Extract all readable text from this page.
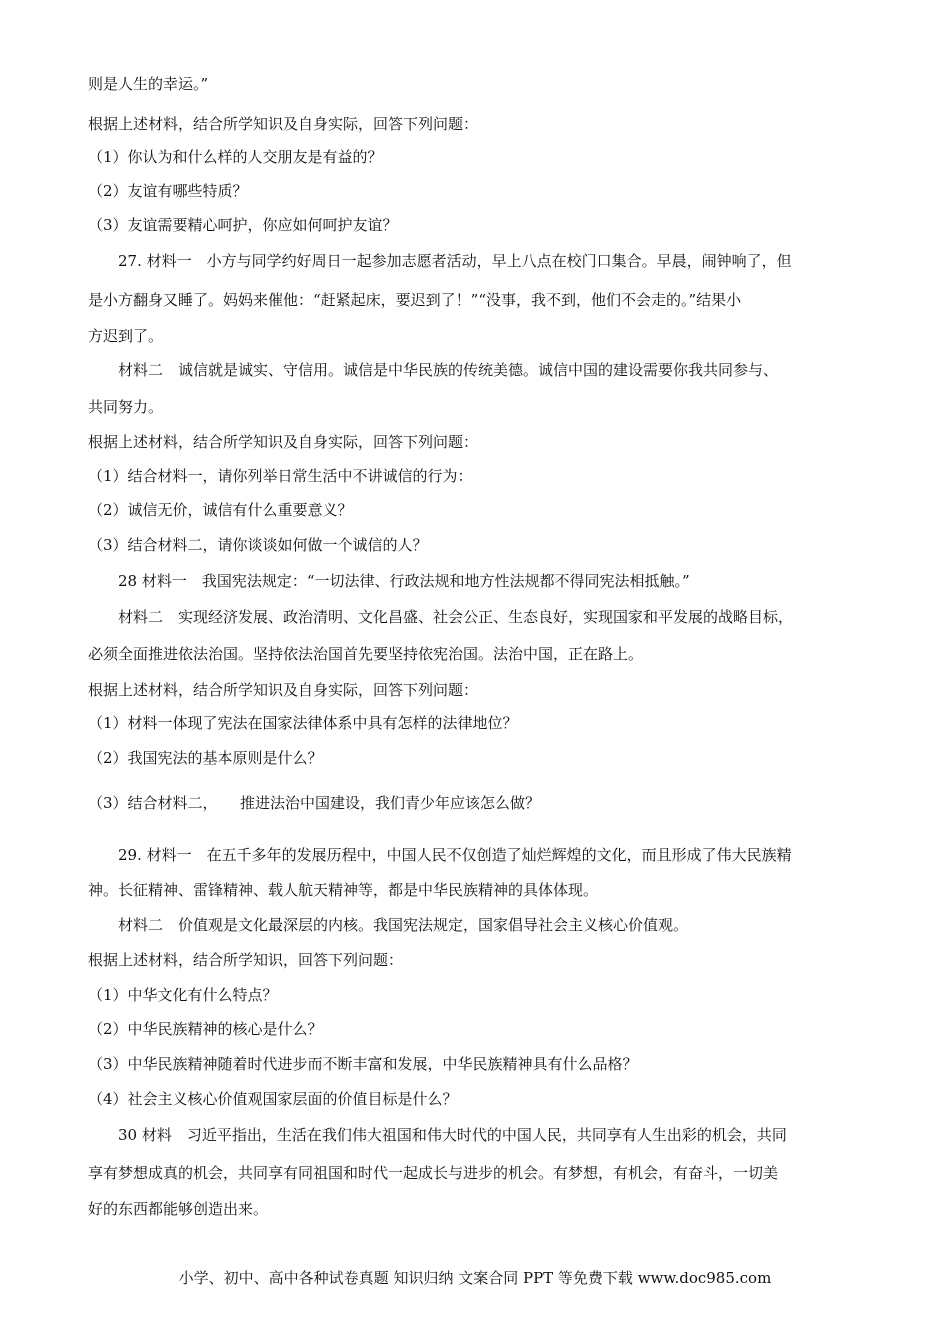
则是人生的幸运。”
根据上述材料，结合所学知识及自身实际，回答下列问题：
（1）你认为和什么样的人交朋友是有益的？
（2）友谊有哪些特质？
（3）友谊需要精心呵护，你应如何呵护友谊？
27. 材料一　小方与同学约好周日一起参加志愿者活动，早上八点在校门口集合。早晨，闹钟响了，但
是小方翻身又睡了。妈妈来催他：“赶紧起床，要迟到了！”“没事，我不到，他们不会走的。”结果小
方迟到了。
材料二　诚信就是诚实、守信用。诚信是中华民族的传统美德。诚信中国的建设需要你我共同参与、
共同努力。
根据上述材料，结合所学知识及自身实际，回答下列问题：
（1）结合材料一，请你列举日常生活中不讲诚信的行为：
（2）诚信无价，诚信有什么重要意义？
（3）结合材料二，请你谈谈如何做一个诚信的人？
28 材料一　我国宪法规定：“一切法律、行政法规和地方性法规都不得同宪法相抵触。”
材料二　实现经济发展、政治清明、文化昌盛、社会公正、生态良好，实现国家和平发展的战略目标，
必须全面推进依法治国。坚持依法治国首先要坚持依宪治国。法治中国，正在路上。
根据上述材料，结合所学知识及自身实际，回答下列问题：
（1）材料一体现了宪法在国家法律体系中具有怎样的法律地位？
（2）我国宪法的基本原则是什么？
（3）结合材料二，　　推进法治中国建设，我们青少年应该怎么做？
29. 材料一　在五千多年的发展历程中，中国人民不仅创造了灿烂辉煌的文化，而且形成了伟大民族精
神。长征精神、雷锋精神、载人航天精神等，都是中华民族精神的具体体现。
材料二　价值观是文化最深层的内核。我国宪法规定，国家倡导社会主义核心价值观。
根据上述材料，结合所学知识，回答下列问题：
（1）中华文化有什么特点？
（2）中华民族精神的核心是什么？
（3）中华民族精神随着时代进步而不断丰富和发展，中华民族精神具有什么品格？
（4）社会主义核心价值观国家层面的价值目标是什么？
30 材料　习近平指出，生活在我们伟大祖国和伟大时代的中国人民，共同享有人生出彩的机会，共同
享有梦想成真的机会，共同享有同祖国和时代一起成长与进步的机会。有梦想，有机会，有奋斗，一切美
好的东西都能够创造出来。
小学、初中、高中各种试卷真题 知识归纳 文案合同 PPT 等免费下载 www.doc985.com
